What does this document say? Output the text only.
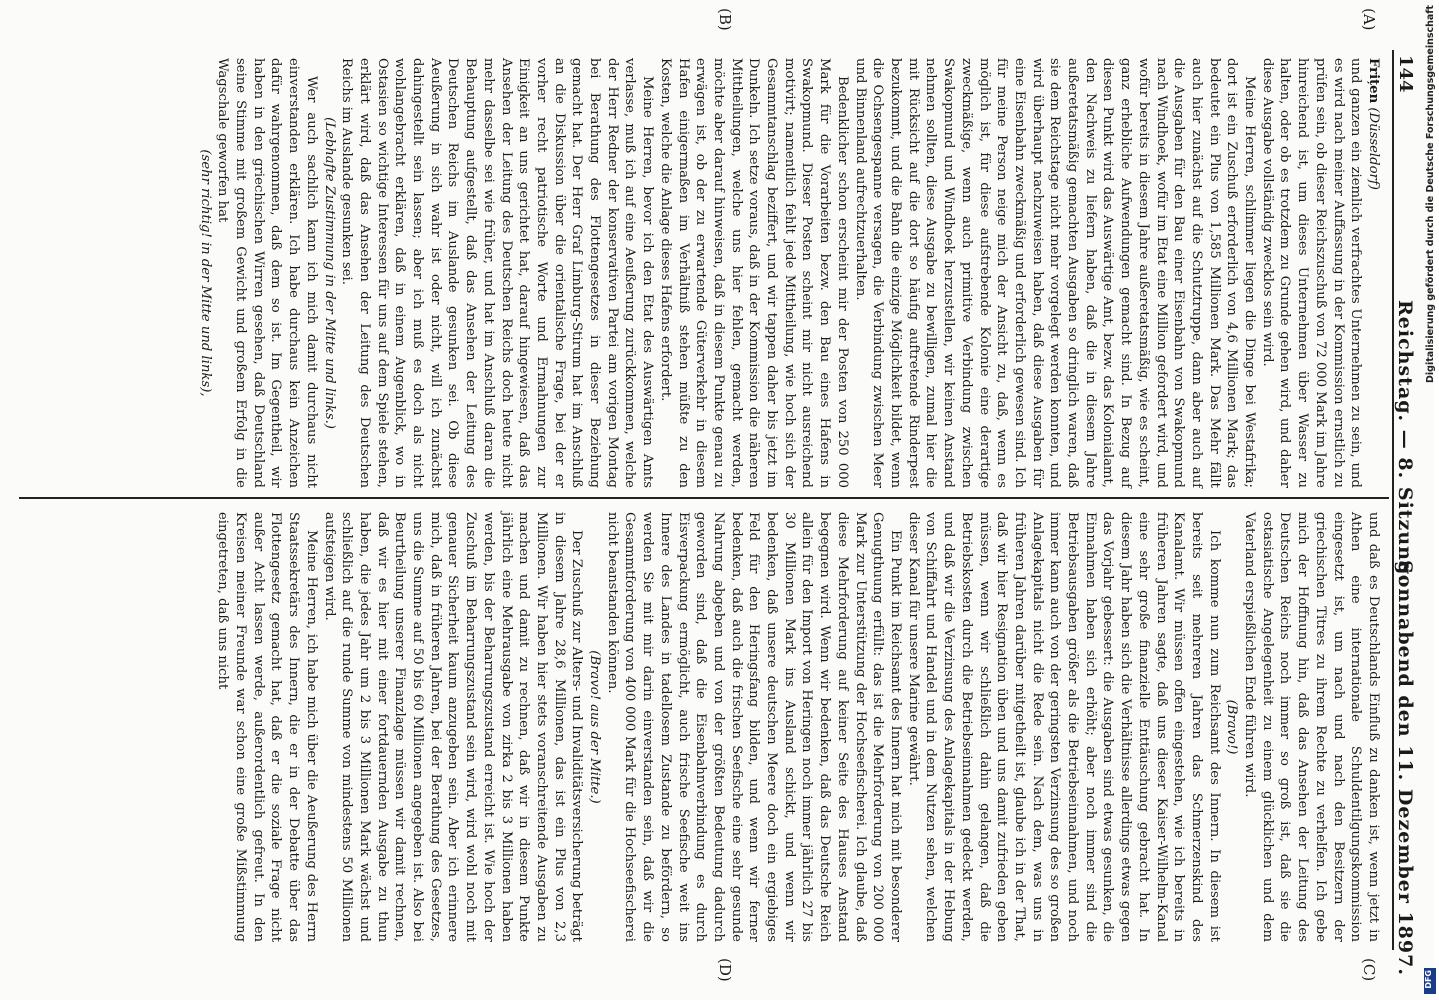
144
Reichstag. — 8. Sitzung.
Sonnabend den 11. Dezember 1897.
(A)
(B)
(C)
(D)

Frițen (Düsseldorf)

und ganzen ein ziemlich verfrachtes Unternehmen zu sein, und es wird nach meiner Auffassung in der Kommission ernstlich zu prüfen sein, ob dieser Reichszuschuß von 72 000 Mark im Jahre hinreichend ist, um dieses Unternehmen über Wasser zu halten, oder ob es trotzdem zu Grunde gehen wird, und daher diese Ausgabe vollständig zwecklos sein wird.

Meine Herren, schlimmer liegen die Dinge bei Westafrika; dort ist ein Zuschuß erforderlich von 4,6 Millionen Mark; das bedeutet ein Plus von 1,585 Millionen Mark. Das Mehr fällt auch hier zunächst auf die Schutztruppe, dann aber auch auf die Ausgaben für den Bau einer Eisenbahn von Swakopmund nach Windhoek, wofür im Etat eine Million gefordert wird, und wofür bereits in diesem Jahre außeretatsmäßig, wie es scheint, ganz erhebliche Aufwendungen gemacht sind. In Bezug auf diesen Punkt wird das Auswärtige Amt, bezw. das Kolonialamt, den Nachweis zu liefern haben, daß die in diesem Jahre außeretatsmäßig gemachten Ausgaben so dringlich waren, daß sie dem Reichstage nicht mehr vorgelegt werden konnten, und wird überhaupt nachzuweisen haben, daß diese Ausgaben für eine Eisenbahn zweckmäßig und erforderlich gewesen sind. Ich für meine Person neige mich der Ansicht zu, daß, wenn es möglich ist, für diese aufstrebende Kolonie eine derartige zweckmäßige, wenn auch primitive Verbindung zwischen Swakopmund und Windhoek herzustellen, wir keinen Anstand nehmen sollten, diese Ausgabe zu bewilligen, zumal hier die mit Rücksicht auf die dort so häufig auftretende Rinderpest bezukommt, und die Bahn die einzige Möglichkeit bildet, wenn die Ochsengespanne versagen, die Verbindung zwischen Meer und Binnenland aufrechtzuerhalten.

Bedenklicher schon erscheint mir der Posten von 250 000 Mark für die Vorarbeiten bezw. den Bau eines Hafens in Swakopmund. Dieser Posten scheint mir nicht ausreichend motivirt; namentlich fehlt jede Mittheilung, wie hoch sich der Gesammtanschlag beziffert, und wir tappen daher bis jetzt im Dunkeln. Ich setze voraus, daß in der Kommission die näheren Mittheilungen, welche uns hier fehlen, gemacht werden, möchte aber darauf hinweisen, daß in diesem Punkte genau zu erwägen ist, ob der zu erwartende Güterverkehr in diesem Hafen einigermaßen im Verhältniß stehen müßte zu den Kosten, welche die Anlage dieses Hafens erfordert.

Meine Herren, bevor ich den Etat des Auswärtigen Amts verlasse, muß ich auf eine Aeußerung zurückkommen, welche der Herr Redner der konservativen Partei am vorigen Montag bei Berathung des Flottengesetzes in dieser Beziehung gemacht hat. Der Herr Graf Limburg-Stirum hat im Anschluß an die Diskussion über die orientalische Frage, bei der er vorher recht patriotische Worte und Ermahnungen zur Einigkeit an uns gerichtet hat, darauf hingewiesen, daß das Ansehen der Leitung des Deutschen Reichs doch heute nicht mehr dasselbe sei wie früher, und hat im Anschluß daran die Behauptung aufgestellt, daß das Ansehen der Leitung des Deutschen Reichs im Auslande gesunken sei. Ob diese Aeußerung in sich wahr ist oder nicht, will ich zunächst dahingestellt sein lassen; aber ich muß es doch als nicht wohlangebracht erklären, daß in einem Augenblick, wo in Ostasien so wichtige Interessen für uns auf dem Spiele stehen, erklärt wird, daß das Ansehen der Leitung des Deutschen Reichs im Auslande gesunken sei.

(Lebhafte Zustimmung in der Mitte und links.)

Wer auch sachlich kann ich mich damit durchaus nicht einverstanden erklären. Ich habe durchaus kein Anzeichen dafür wahrgenommen, daß dem so ist. Im Gegentheil, wir haben in den griechischen Wirren gesehen, daß Deutschland seine Stimme mit großem Gewicht und großem Erfolg in die Wagschale geworfen hat

(sehr richtig! in der Mitte und links),

und daß es Deutschlands Einfluß zu danken ist, wenn jetzt in Athen eine internationale Schuldentilgungskommission eingesetzt ist, um nach und nach den Besitzern der griechischen Titres zu ihrem Rechte zu verhelfen. Ich gebe mich der Hoffnung hin, daß das Ansehen der Leitung des Deutschen Reichs noch immer so groß ist, daß sie die ostasiatische Angelegenheit zu einem glücklichen und dem Vaterland erspießlichen Ende führen wird.

(Bravo!)

Ich komme nun zum Reichsamt des Innern. In diesem ist bereits seit mehreren Jahren das Schmerzenskind des Kanalamt. Wir müssen offen eingestehen, wie ich bereits in früheren Jahren sagte, daß uns dieser Kaiser-Wilhelm-Kanal eine sehr große finanzielle Enttäuschung gebracht hat. In diesem Jahr haben sich die Verhältnisse allerdings etwas gegen das Vorjahr gebessert: die Ausgaben sind etwas gesunken, die Einnahmen haben sich erhöht; aber noch immer sind die Betriebsausgaben größer als die Betriebseinnahmen, und noch immer kann auch von der geringsten Verzinsung des so großen Anlagekapitals nicht die Rede sein. Nach dem, was uns in früheren Jahren darüber mitgetheilt ist, glaube ich in der That, daß wir hier Resignation üben und uns damit zufrieden geben müssen, wenn wir schließlich dahin gelangen, daß die Betriebskosten durch die Betriebseinnahmen gedeckt werden, und daß wir die Verzinsung des Anlagekapitals in der Hebung von Schiffahrt und Handel und in dem Nutzen sehen, welchen dieser Kanal für unsere Marine gewährt.

Ein Punkt im Reichsamt des Innern hat mich mit besonderer Genugthuung erfüllt: das ist die Mehrforderung von 200 000 Mark zur Unterstützung der Hochseefischerei. Ich glaube, daß diese Mehrforderung auf keiner Seite des Hauses Anstand begegnen wird. Wenn wir bedenken, daß das Deutsche Reich allein für den Import von Heringen noch immer jährlich 27 bis 30 Millionen Mark ins Ausland schickt, und wenn wir bedenken, daß unsere deutschen Meere doch ein ergiebiges Feld für den Heringsfang bilden, und wenn wir ferner bedenken, daß auch die frischen Seefische eine sehr gesunde Nahrung abgeben und von der größten Bedeutung dadurch geworden sind, daß die Eisenbahnverbindung es durch Eisverpackung ermöglicht, auch frische Seefische weit ins Innere des Landes in tadellosem Zustande zu befördern, so werden Sie mit mir darin einverstanden sein, daß wir die Gesammtforderung von 400 000 Mark für die Hochseefischerei nicht beanstanden können.

(Bravo! aus der Mitte.)

Der Zuschuß zur Alters- und Invaliditätsversicherung beträgt in diesem Jahre 28,6 Millionen, das ist ein Plus von 2,3 Millionen. Wir haben hier stets voranschreitende Ausgaben zu machen und damit zu rechnen, daß wir in diesem Punkte jährlich eine Mehrausgabe von zirka 2 bis 3 Millionen haben werden, bis der Beharrungszustand erreicht ist. Wie hoch der Zuschuß im Beharrungszustand sein wird, wird wohl noch mit genauer Sicherheit kaum anzugeben sein. Aber ich erinnere mich, daß in früheren Jahren, bei der Berathung des Gesetzes, uns die Summe auf 50 bis 60 Millionen angegeben ist. Also bei Beurtheilung unserer Finanzlage müssen wir damit rechnen, daß wir es hier mit einer fortdauernden Ausgabe zu thun haben, die jedes Jahr um 2 bis 3 Millionen Mark wächst und schließlich auf die runde Summe von mindestens 50 Millionen aufsteigen wird.

Meine Herren, ich habe mich über die Aeußerung des Herrn Staatssekretärs des Innern, die er in der Debatte über das Flottengesetz gemacht hat, daß er die soziale Frage nicht außer Acht lassen werde, außerordentlich gefreut. In den Kreisen meiner Freunde war schon eine große Mißstimmung eingetreten, daß uns nicht

Digitalisierung gefördert durch die Deutsche Forschungsgemeinschaft
DFG
